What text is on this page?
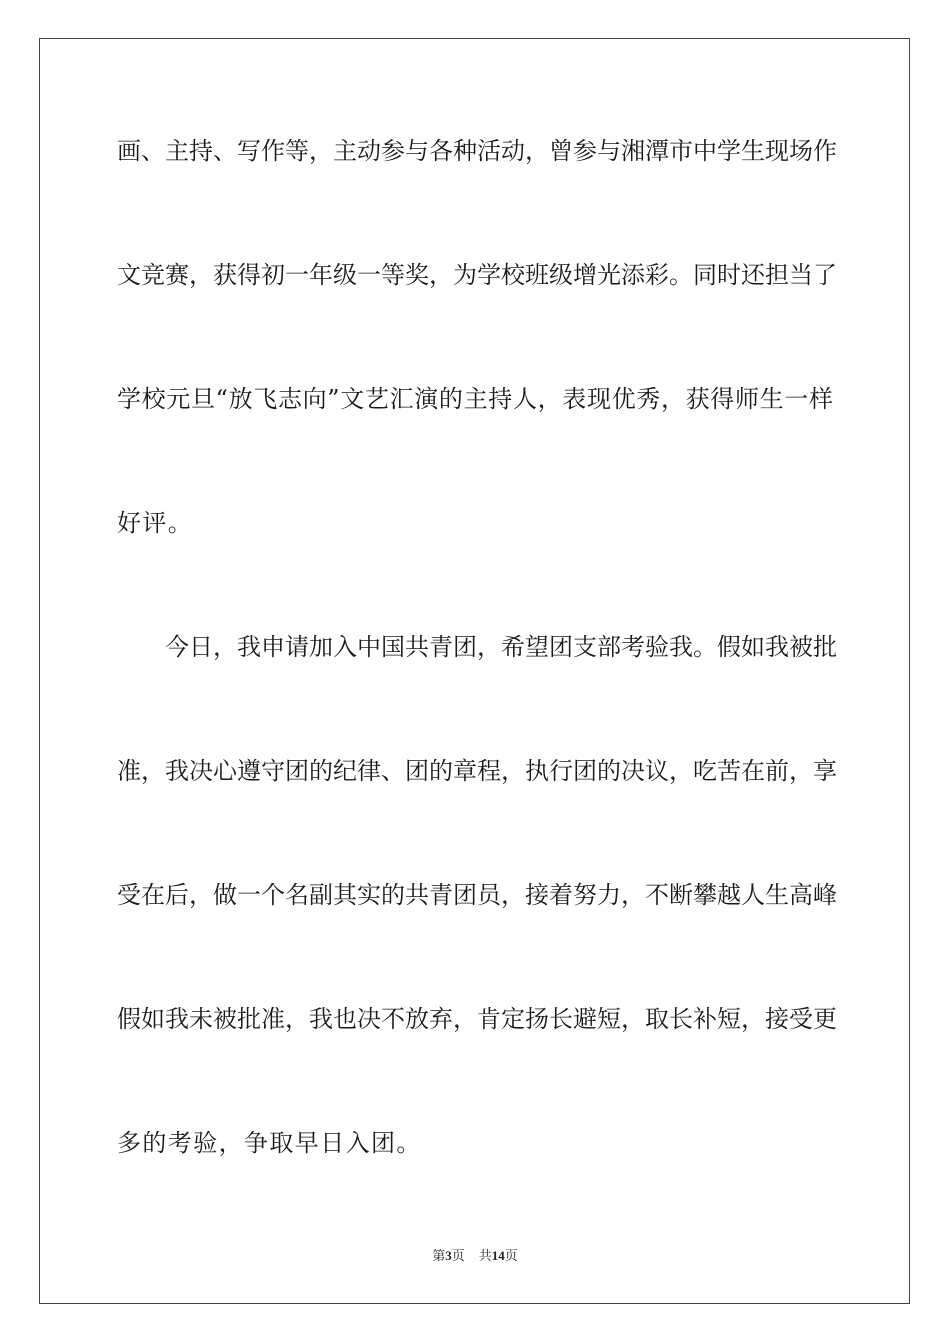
画、主持、写作等，主动参与各种活动，曾参与湘潭市中学生现场作
文竞赛，获得初一年级一等奖，为学校班级增光添彩。同时还担当了
学校元旦“放飞志向”文艺汇演的主持人，表现优秀，获得师生一样
好评。
今日，我申请加入中国共青团，希望团支部考验我。假如我被批
准，我决心遵守团的纪律、团的章程，执行团的决议，吃苦在前，享
受在后，做一个名副其实的共青团员，接着努力，不断攀越人生高峰
假如我未被批准，我也决不放弃，肯定扬长避短，取长补短，接受更
多的考验，争取早日入团。
第3页 共14页
